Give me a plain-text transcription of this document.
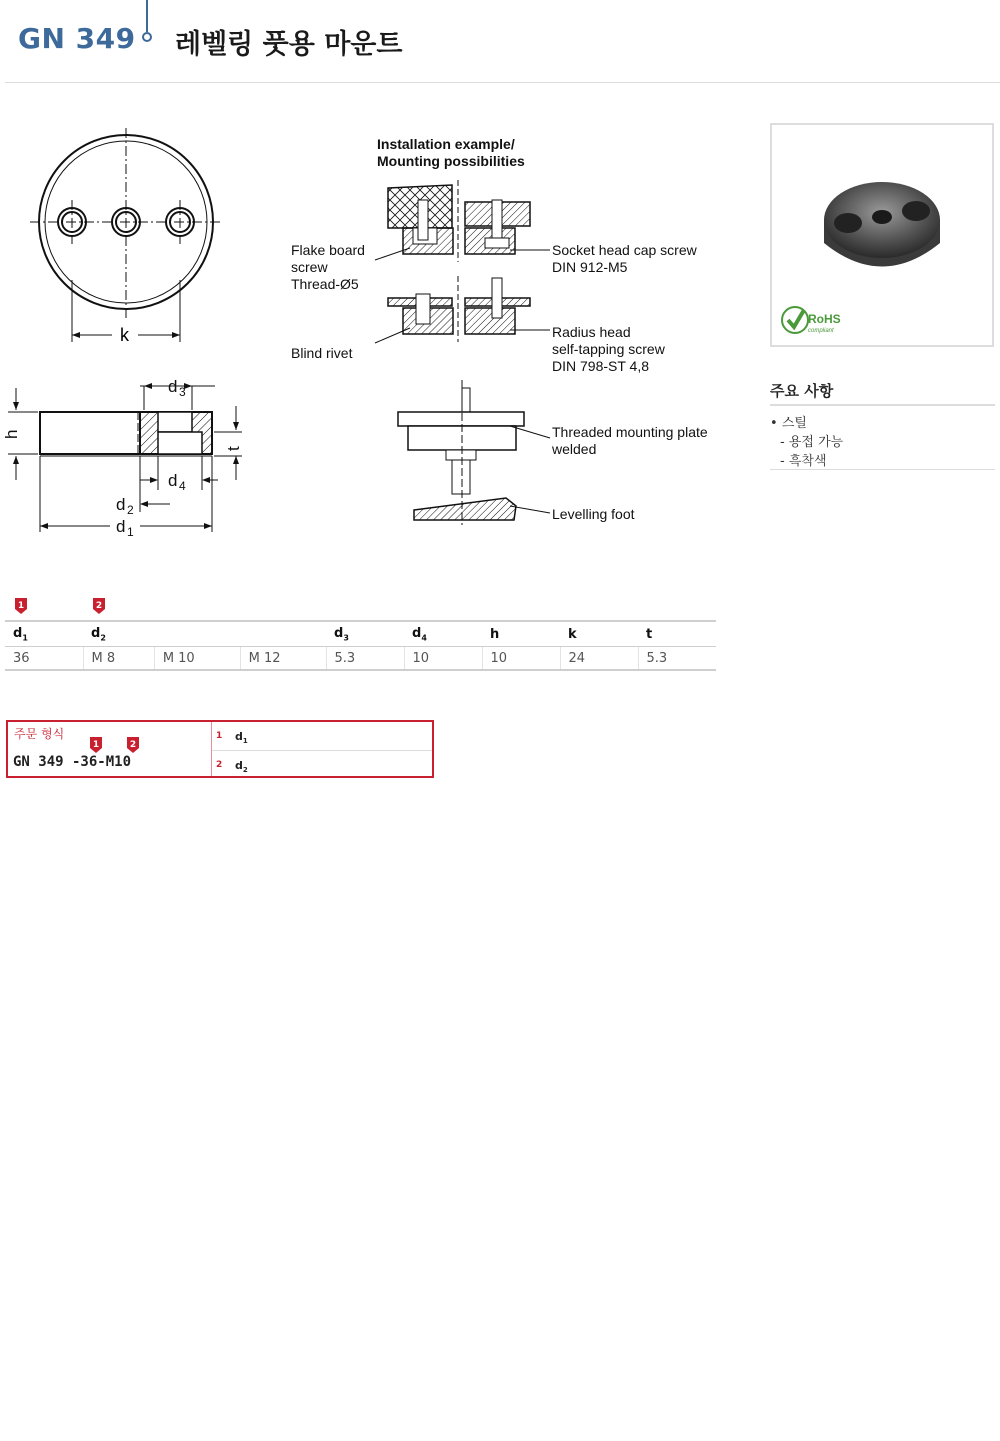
GN 349 레벨링 풋용 마운트
k
h
t
d 3
d 4
d 2
d 1
Installation example/
Mounting possibilities
Flake board
screw
Thread-Ø5
Blind rivet
Socket head cap screw
DIN 912-M5
Radius head
self-tapping screw
DIN 798-ST 4,8
Threaded mounting plate
welded
Levelling foot
RoHS
compliant
주요 사항
• 스틸
- 용접 가능
- 흑착색
1	2
$d_1$	$d_2$			$d_3$	$d_4$	h	k	t
36	M 8	M 10	M 12	5.3	10	10	24	5.3
주문 형식
1	2
GN 349 -36-M10
1 $d_1$
2 $d_2$
